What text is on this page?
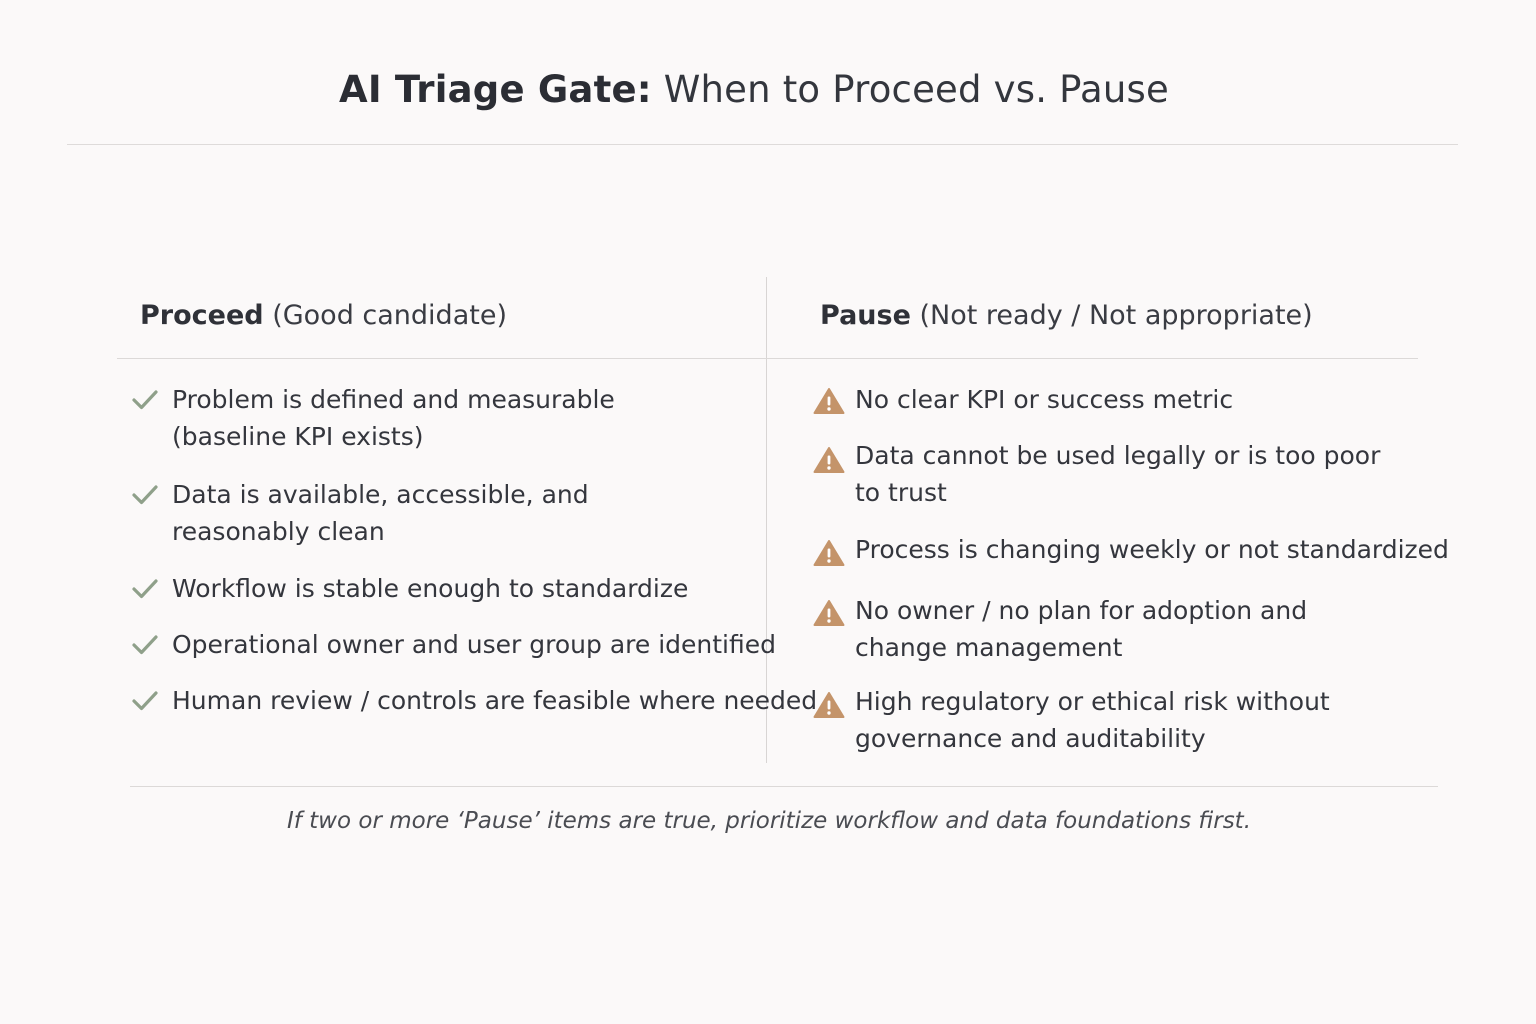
AI Triage Gate: When to Proceed vs. Pause
Proceed (Good candidate)	Pause (Not ready / Not appropriate)
Problem is defined and measurable
(baseline KPI exists)
Data is available, accessible, and
reasonably clean
Workflow is stable enough to standardize
Operational owner and user group are identified
Human review / controls are feasible where needed
No clear KPI or success metric
Data cannot be used legally or is too poor
to trust
Process is changing weekly or not standardized
No owner / no plan for adoption and
change management
High regulatory or ethical risk without
governance and auditability
If two or more ‘Pause’ items are true, prioritize workflow and data foundations first.
